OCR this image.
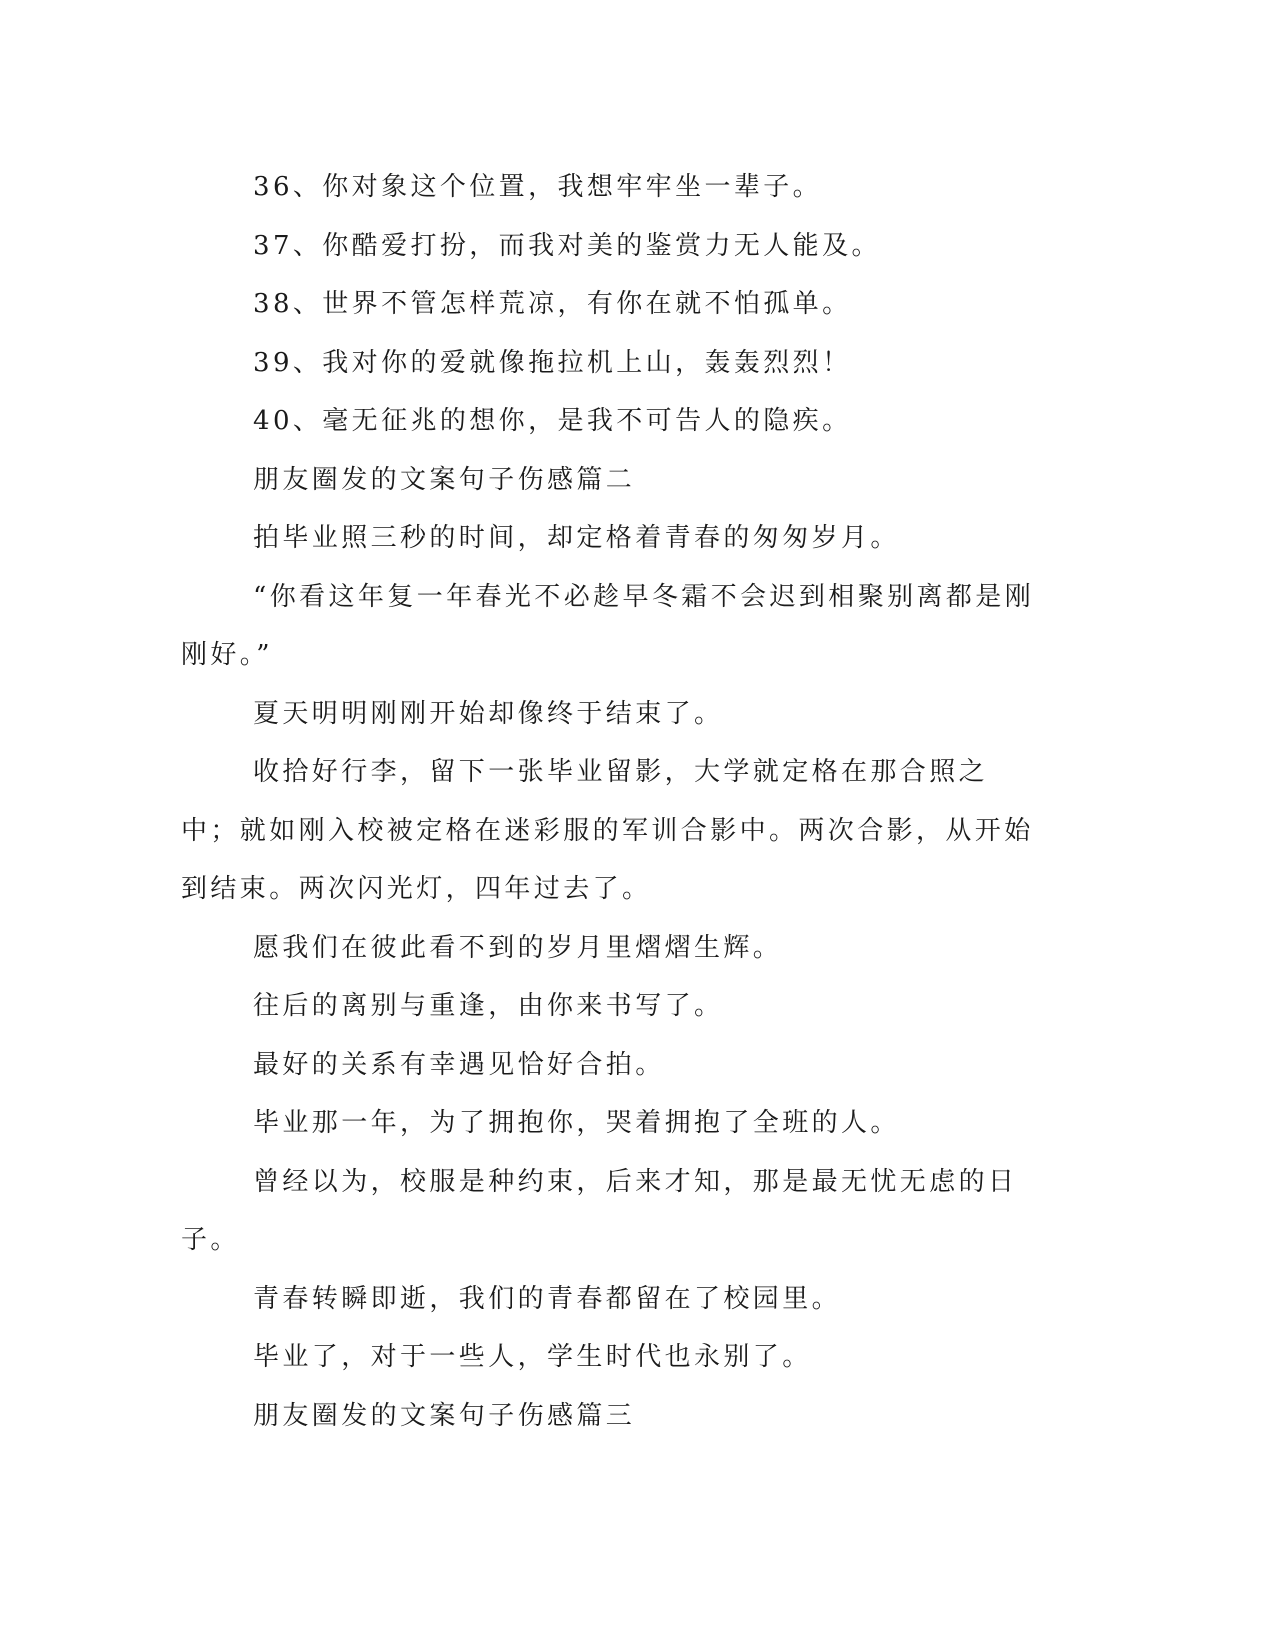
36、你对象这个位置，我想牢牢坐一辈子。

37、你酷爱打扮，而我对美的鉴赏力无人能及。

38、世界不管怎样荒凉，有你在就不怕孤单。

39、我对你的爱就像拖拉机上山，轰轰烈烈！

40、毫无征兆的想你，是我不可告人的隐疾。

朋友圈发的文案句子伤感篇二

拍毕业照三秒的时间，却定格着青春的匆匆岁月。

“你看这年复一年春光不必趁早冬霜不会迟到相聚别离都是刚刚好。”

夏天明明刚刚开始却像终于结束了。

收拾好行李，留下一张毕业留影，大学就定格在那合照之中；就如刚入校被定格在迷彩服的军训合影中。两次合影，从开始到结束。两次闪光灯，四年过去了。

愿我们在彼此看不到的岁月里熠熠生辉。

往后的离别与重逢，由你来书写了。

最好的关系有幸遇见恰好合拍。

毕业那一年，为了拥抱你，哭着拥抱了全班的人。

曾经以为，校服是种约束，后来才知，那是最无忧无虑的日子。

青春转瞬即逝，我们的青春都留在了校园里。

毕业了，对于一些人，学生时代也永别了。

朋友圈发的文案句子伤感篇三
